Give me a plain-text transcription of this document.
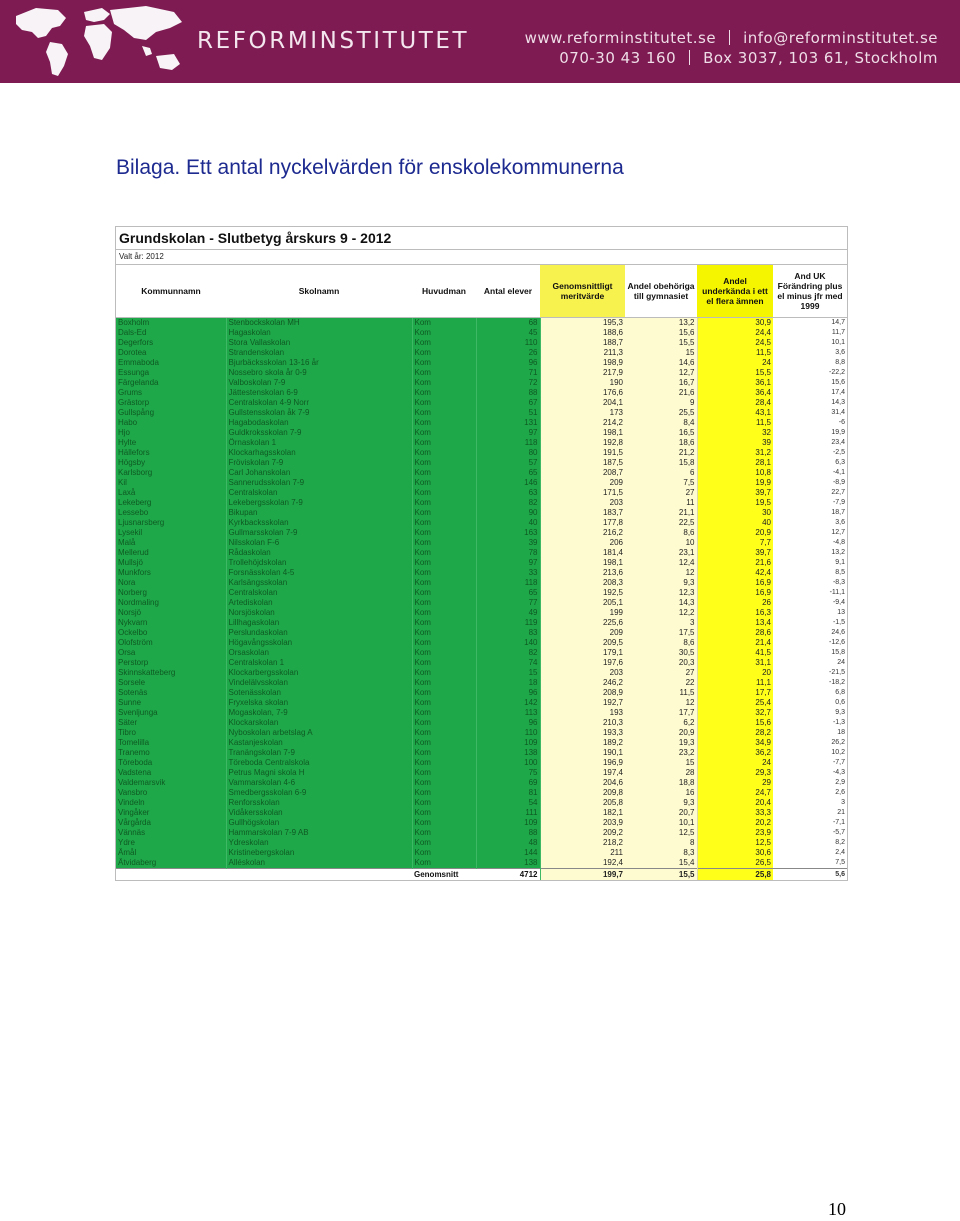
REFORMINSTITUTET	www.reforminstitutet.se info@reforminstitutet.se
070-30 43 160 Box 3037, 103 61, Stockholm
Bilaga. Ett antal nyckelvärden för enskolekommunerna
Grundskolan - Slutbetyg årskurs 9 - 2012
Valt år: 2012
Kommunnamn	Skolnamn	Huvudman	Antal elever	Genomsnittligt meritvärde	Andel obehöriga till gymnasiet	Andel underkända i ett el flera ämnen	And UK Förändring plus el minus jfr med 1999
Boxholm	Stenbockskolan MH	Kom	68	195,3	13,2	30,9	14,7
Dals-Ed	Hagaskolan	Kom	45	188,6	15,6	24,4	11,7
Degerfors	Stora Vallaskolan	Kom	110	188,7	15,5	24,5	10,1
Dorotea	Strandenskolan	Kom	26	211,3	15	11,5	3,6
Emmaboda	Bjurbäcksskolan 13-16 år	Kom	96	198,9	14,6	24	8,8
Essunga	Nossebro skola år 0-9	Kom	71	217,9	12,7	15,5	-22,2
Färgelanda	Valboskolan 7-9	Kom	72	190	16,7	36,1	15,6
Grums	Jättestenskolan 6-9	Kom	88	176,6	21,6	36,4	17,4
Grästorp	Centralskolan 4-9 Norr	Kom	67	204,1	9	28,4	14,3
Gullspång	Gullstensskolan åk 7-9	Kom	51	173	25,5	43,1	31,4
Habo	Hagabodaskolan	Kom	131	214,2	8,4	11,5	-6
Hjo	Guldkroksskolan 7-9	Kom	97	198,1	16,5	32	19,9
Hylte	Örnaskolan 1	Kom	118	192,8	18,6	39	23,4
Hällefors	Klockarhagsskolan	Kom	80	191,5	21,2	31,2	-2,5
Högsby	Fröviskolan 7-9	Kom	57	187,5	15,8	28,1	6,3
Karlsborg	Carl Johanskolan	Kom	65	208,7	6	10,8	-4,1
Kil	Sannerudsskolan 7-9	Kom	146	209	7,5	19,9	-8,9
Laxå	Centralskolan	Kom	63	171,5	27	39,7	22,7
Lekeberg	Lekebergsskolan 7-9	Kom	82	203	11	19,5	-7,9
Lessebo	Bikupan	Kom	90	183,7	21,1	30	18,7
Ljusnarsberg	Kyrkbacksskolan	Kom	40	177,8	22,5	40	3,6
Lysekil	Gullmarsskolan 7-9	Kom	163	216,2	8,6	20,9	12,7
Malå	Nilsskolan F-6	Kom	39	206	10	7,7	-4,8
Mellerud	Rådaskolan	Kom	78	181,4	23,1	39,7	13,2
Mullsjö	Trollehöjdskolan	Kom	97	198,1	12,4	21,6	9,1
Munkfors	Forsnässkolan 4-5	Kom	33	213,6	12	42,4	8,5
Nora	Karlsängsskolan	Kom	118	208,3	9,3	16,9	-8,3
Norberg	Centralskolan	Kom	65	192,5	12,3	16,9	-11,1
Nordmaling	Artediskolan	Kom	77	205,1	14,3	26	-9,4
Norsjö	Norsjöskolan	Kom	49	199	12,2	16,3	13
Nykvarn	Lillhagaskolan	Kom	119	225,6	3	13,4	-1,5
Ockelbo	Perslundaskolan	Kom	83	209	17,5	28,6	24,6
Olofström	Högavångsskolan	Kom	140	209,5	8,6	21,4	-12,6
Orsa	Orsaskolan	Kom	82	179,1	30,5	41,5	15,8
Perstorp	Centralskolan 1	Kom	74	197,6	20,3	31,1	24
Skinnskatteberg	Klockarbergsskolan	Kom	15	203	27	20	-21,5
Sorsele	Vindelälvsskolan	Kom	18	246,2	22	11,1	-18,2
Sotenäs	Sotenässkolan	Kom	96	208,9	11,5	17,7	6,8
Sunne	Fryxelska skolan	Kom	142	192,7	12	25,4	0,6
Svenljunga	Mogaskolan, 7-9	Kom	113	193	17,7	32,7	9,3
Säter	Klockarskolan	Kom	96	210,3	6,2	15,6	-1,3
Tibro	Nyboskolan arbetslag A	Kom	110	193,3	20,9	28,2	18
Tomelilla	Kastanjeskolan	Kom	109	189,2	19,3	34,9	26,2
Tranemo	Tranängskolan 7-9	Kom	138	190,1	23,2	36,2	10,2
Töreboda	Töreboda Centralskola	Kom	100	196,9	15	24	-7,7
Vadstena	Petrus Magni skola H	Kom	75	197,4	28	29,3	-4,3
Valdemarsvik	Vammarskolan 4-6	Kom	69	204,6	18,8	29	2,9
Vansbro	Smedbergsskolan 6-9	Kom	81	209,8	16	24,7	2,6
Vindeln	Renforsskolan	Kom	54	205,8	9,3	20,4	3
Vingåker	Vidåkersskolan	Kom	111	182,1	20,7	33,3	21
Vårgårda	Gullhögskolan	Kom	109	203,9	10,1	20,2	-7,1
Vännäs	Hammarskolan 7-9 AB	Kom	88	209,2	12,5	23,9	-5,7
Ydre	Ydreskolan	Kom	48	218,2	8	12,5	8,2
Åmål	Kristinebergskolan	Kom	144	211	8,3	30,6	2,4
Åtvidaberg	Alléskolan	Kom	138	192,4	15,4	26,5	7,5
		Genomsnitt	4712	199,7	15,5	25,8	5,6
10
